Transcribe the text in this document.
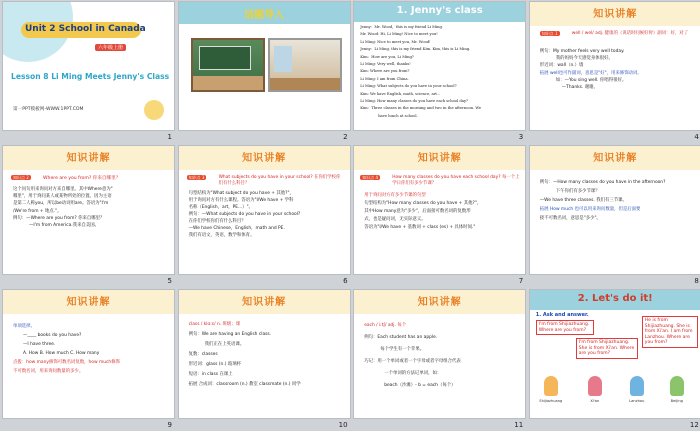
Unit 2 School in Canada
六年级上册
Lesson 8 Li Ming Meets Jenny's Class
第一PPT模板网-WWW.1PPT.COM
1
话题导入
2
1. Jenny's class
Jenny：Mr. Wood，this is my friend Li Ming.
Mr. Wood: Hi, Li Ming! Nice to meet you!
Li Ming: Nice to meet you, Mr. Wood!
Jenny：Li Ming, this is my friend Kim. Kim, this is Li Ming.
Kim：How are you, Li Ming?
Li Ming: Very well, thanks!
Kim: Where are you from?
Li Ming: I am from China.
Li Ming: What subjects do you have in your school?
Kim: We have English, math, science, art...
Li Ming: How many classes do you have each school day?
Kim：Three classes in the morning and two in the afternoon. We
have lunch at school.
3
知识讲解
知识点 1	well / wel/ adj. 健康的（说话时问候好时）副词：好，对了
例句：My mother feels very well today.
我的妈妈今天感觉身体很好。
形近词：wall（n.）墙
拓展 well也可作副词，意思是"好"，用来修饰动词。
如：—You sing well. 你唱得很好。
—Thanks. 谢谢。
4
知识讲解
知识点 2	Where are you from? 你来自哪里？
这个问句用来询问对方来自哪里。其中Where意为"
哪里"，用于询问某人或某物所处的位置。因为主语
是第二人称you，所以be动词用are。答语为"I'm
/We're from + 地点."。
例句：—Where are you from? 你来自哪里？
—I'm from America.我来自美国。
5
知识讲解
知识点 3	What subjects do you have in your school? 在你们学校你们有什么科目？
句型结构为"What subject do you have + 其他?"，
用于询问对方有什么课程。答语为"I/We have + 学科
名称（English，art，PE...）"。
例句：—What subjects do you have in your school?
在你们学校你们有什么科目？
—We have Chinese，English，math and PE.
我们有语文，英语，数学和体育。
6
知识讲解
知识点 4	How many classes do you have each school day? 每一个上学日你们有多少节课？
用于询问对方有多少节课的句型
句型结构为"How many classes do you have + 其他?"，
其中How many意为"多少"，后面接可数名词的复数形
式，也是疑问词，无实际意义。
答语为"I/We have + 基数词 + class (es) + 具体时间."
7
知识讲解
例句：—How many classes do you have in the afternoon?
下午你们有多少节课？
—We have three classes. 我们有三节课。
拓展 How much 也可以用来询问数量，但是后面要
接不可数名词，意思是"多少"。
8
知识讲解
单项选择。
—____ books do you have?
—I have three.
A. How B. How much C. How many
点拨：how many修饰可数名词复数，how much修饰
不可数名词，用来询问数量的多少。
9
知识讲解
class / klɑːs/ n. 班级；课
例句：We are having an English class.
我们正在上英语课。
复数：classes
形近词：glass (n.) 玻璃杯
短语：in class 在课上
拓展 合成词：classroom (n.) 教室 classmate (n.) 同学
10
知识讲解
each / iːtʃ/ adj. 每个
例句：Each student has an apple.
每个学生有一个苹果。
巧记：用一个单词或者一个字母或者字母组合代表
一个单词的方法记单词，如：
beach（沙滩）- b = each（每个）
11
2. Let's do it!
1. Ask and answer.
I'm from Shijiazhuang. Where are you from?
I'm from Shijiazhuang. She is from Xi'an. Where are you from?
He is from Shijiazhuang. She is from Xi'an. I am from Lanzhou. Where are you from?
Shijiazhuang	Xi'an	Lanzhou	Beijing
12
